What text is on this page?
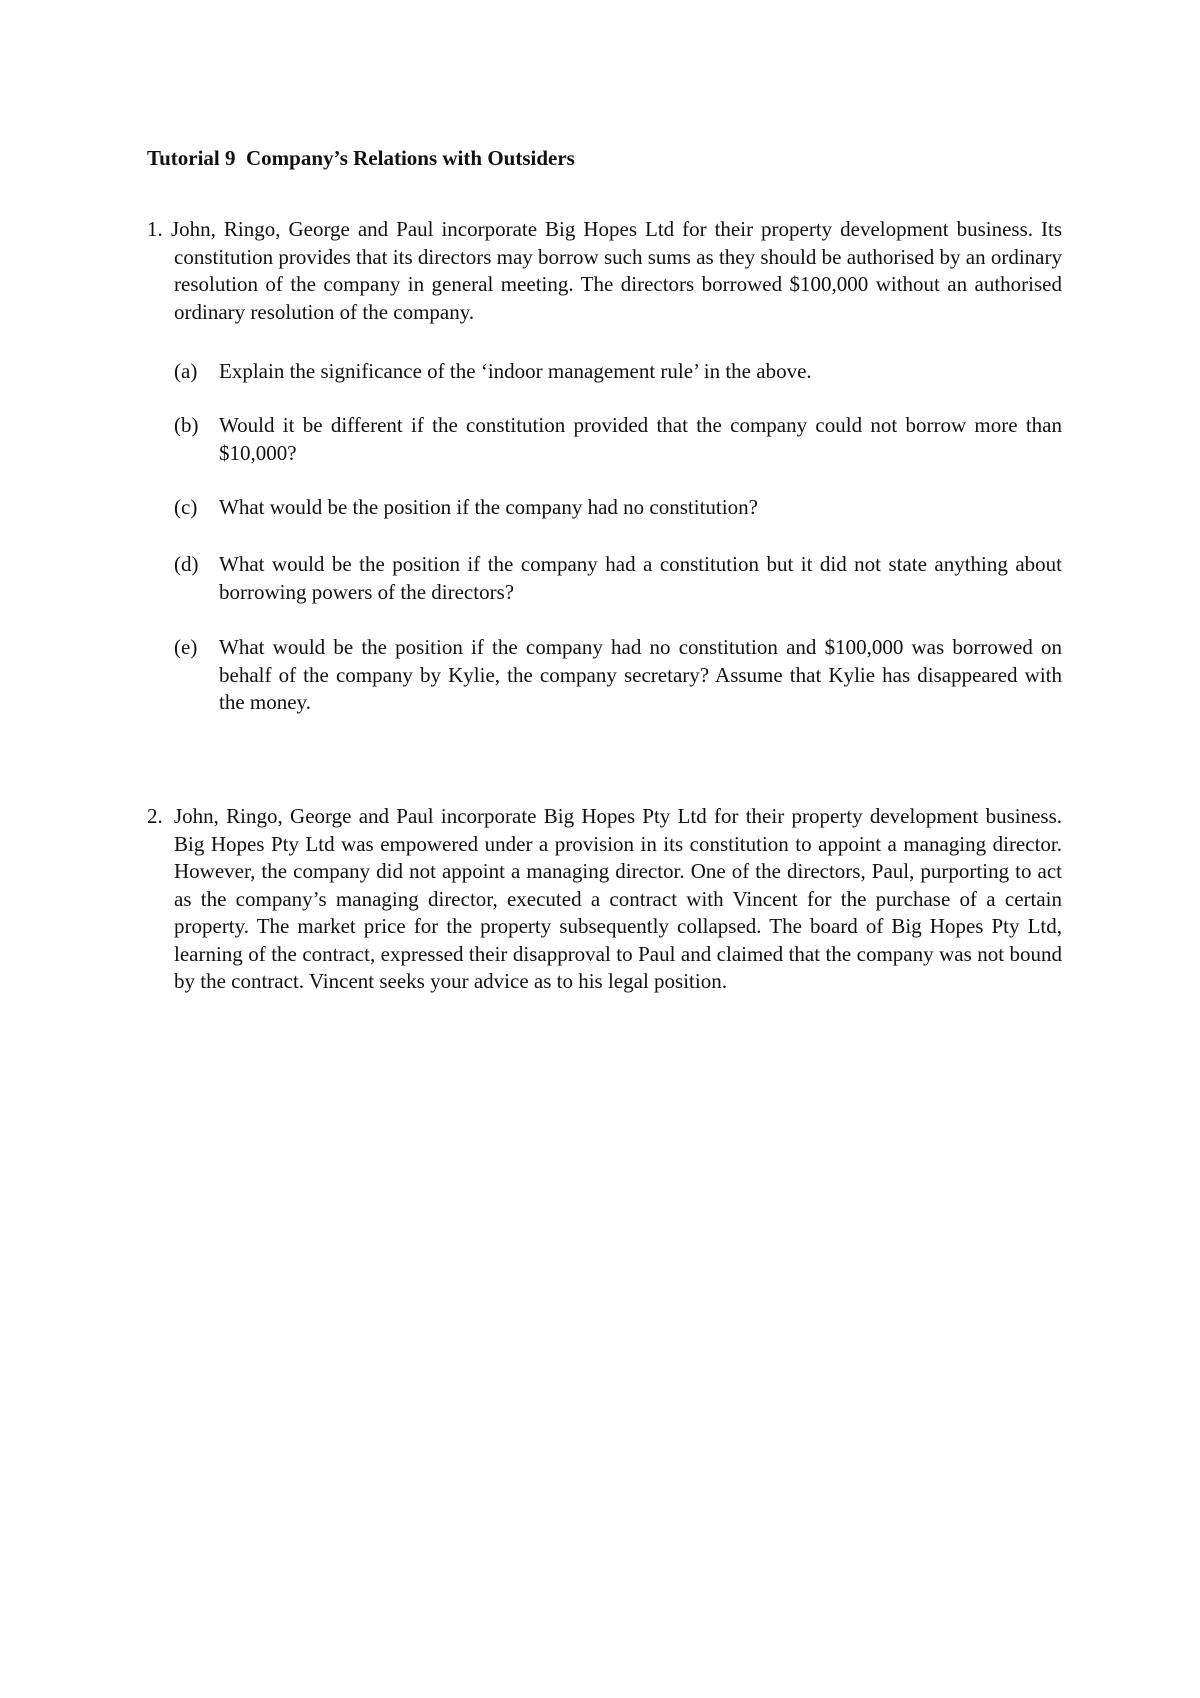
Tutorial 9  Company’s Relations with Outsiders
1. John, Ringo, George and Paul incorporate Big Hopes Ltd for their property development business. Its constitution provides that its directors may borrow such sums as they should be authorised by an ordinary resolution of the company in general meeting. The directors borrowed $100,000 without an authorised ordinary resolution of the company.
(a) Explain the significance of the ‘indoor management rule’ in the above.
(b) Would it be different if the constitution provided that the company could not borrow more than $10,000?
(c) What would be the position if the company had no constitution?
(d) What would be the position if the company had a constitution but it did not state anything about borrowing powers of the directors?
(e) What would be the position if the company had no constitution and $100,000 was borrowed on behalf of the company by Kylie, the company secretary? Assume that Kylie has disappeared with the money.
2. John, Ringo, George and Paul incorporate Big Hopes Pty Ltd for their property development business. Big Hopes Pty Ltd was empowered under a provision in its constitution to appoint a managing director. However, the company did not appoint a managing director. One of the directors, Paul, purporting to act as the company’s managing director, executed a contract with Vincent for the purchase of a certain property. The market price for the property subsequently collapsed. The board of Big Hopes Pty Ltd, learning of the contract, expressed their disapproval to Paul and claimed that the company was not bound by the contract. Vincent seeks your advice as to his legal position.
